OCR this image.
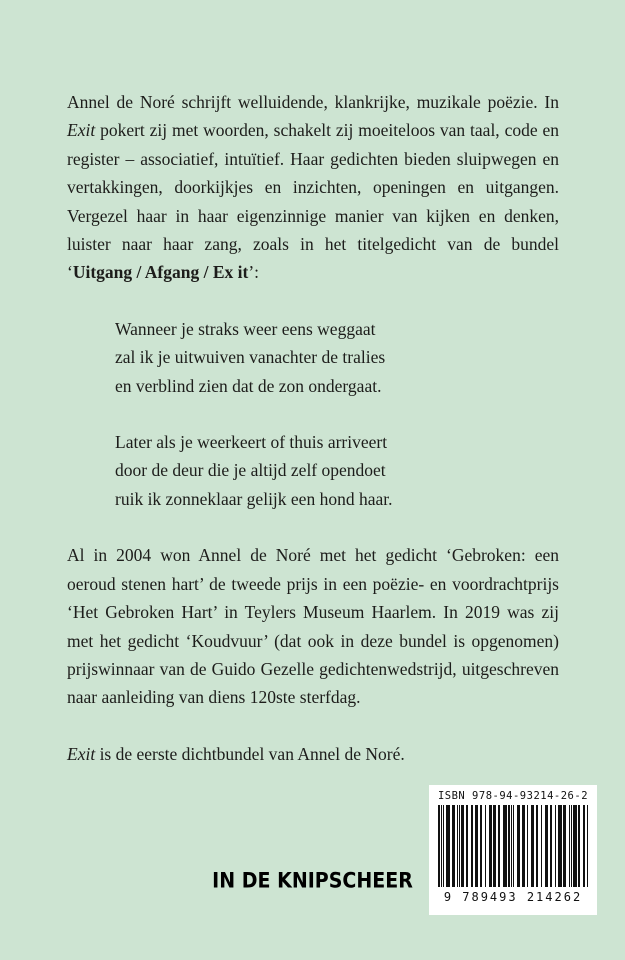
Annel de Noré schrijft welluidende, klankrijke, muzikale poëzie. In Exit pokert zij met woorden, schakelt zij moeiteloos van taal, code en register – associatief, intuïtief. Haar gedichten bieden sluipwegen en vertakkingen, doorkijkjes en inzichten, openingen en uitgangen. Vergezel haar in haar eigenzinnige manier van kijken en denken, luister naar haar zang, zoals in het titelgedicht van de bundel ‘Uitgang / Afgang / Ex it’:

Wanneer je straks weer eens weggaat
zal ik je uitwuiven vanachter de tralies
en verblind zien dat de zon ondergaat.
Later als je weerkeert of thuis arriveert
door de deur die je altijd zelf opendoet
ruik ik zonneklaar gelijk een hond haar.

Al in 2004 won Annel de Noré met het gedicht ‘Gebroken: een oeroud stenen hart’ de tweede prijs in een poëzie- en voordrachtprijs ‘Het Gebroken Hart’ in Teylers Museum Haarlem. In 2019 was zij met het gedicht ‘Koudvuur’ (dat ook in deze bundel is opgenomen) prijswinnaar van de Guido Gezelle gedichtenwedstrijd, uitgeschreven naar aanleiding van diens 120ste sterfdag.

Exit is de eerste dichtbundel van Annel de Noré.

IN DE KNIPSCHEER
ISBN 978-94-93214-26-2
9 789493 214262
